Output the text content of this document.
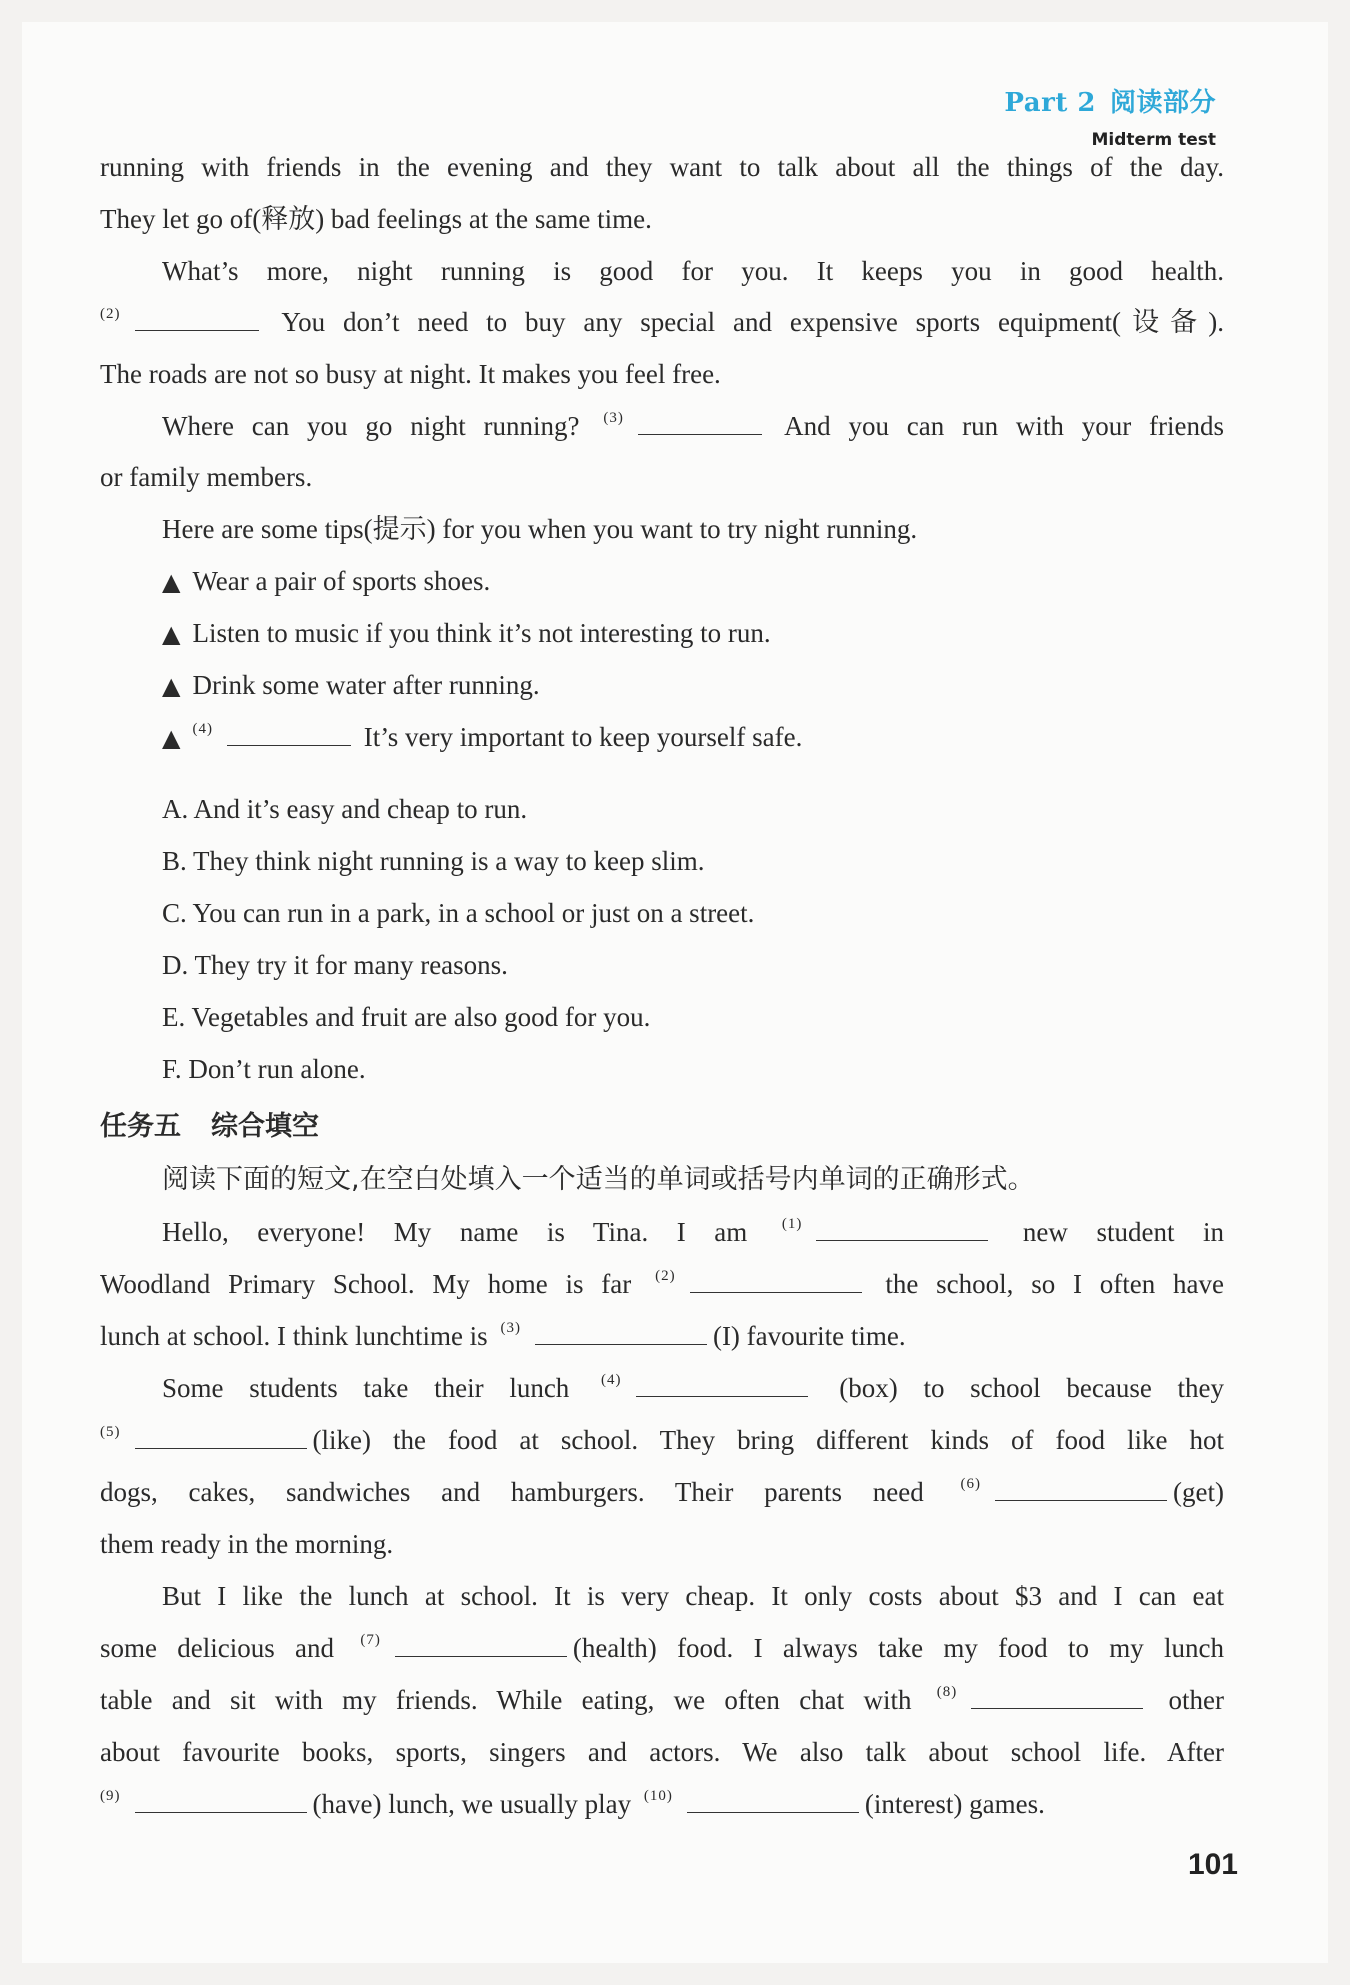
Part 2 阅读部分
Midterm test
running with friends in the evening and they want to talk about all the things of the day.
They let go of(释放) bad feelings at the same time.
What’s more, night running is good for you. It keeps you in good health.
$^{(2)}$	You don’t need to buy any special and expensive sports equipment(设备).
The roads are not so busy at night. It makes you feel free.
Where can you go night running? $^{(3)}$	And you can run with your friends
or family members.
Here are some tips(提示) for you when you want to try night running.
▲ Wear a pair of sports shoes.
▲ Listen to music if you think it’s not interesting to run.
▲ Drink some water after running.
▲ $^{(4)}$	It’s very important to keep yourself safe.
A. And it’s easy and cheap to run.
B. They think night running is a way to keep slim.
C. You can run in a park, in a school or just on a street.
D. They try it for many reasons.
E. Vegetables and fruit are also good for you.
F. Don’t run alone.
任务五 综合填空
阅读下面的短文,在空白处填入一个适当的单词或括号内单词的正确形式。
Hello, everyone! My name is Tina. I am $^{(1)}$	new student in
Woodland Primary School. My home is far $^{(2)}$	the school, so I often have
lunch at school. I think lunchtime is $^{(3)}$	(I) favourite time.
Some students take their lunch $^{(4)}$	(box) to school because they
$^{(5)}$	(like) the food at school. They bring different kinds of food like hot
dogs, cakes, sandwiches and hamburgers. Their parents need $^{(6)}$	(get)
them ready in the morning.
But I like the lunch at school. It is very cheap. It only costs about $3 and I can eat
some delicious and $^{(7)}$	(health) food. I always take my food to my lunch
table and sit with my friends. While eating, we often chat with $^{(8)}$	other
about favourite books, sports, singers and actors. We also talk about school life. After
$^{(9)}$	(have) lunch, we usually play $^{(10)}$	(interest) games.
101
